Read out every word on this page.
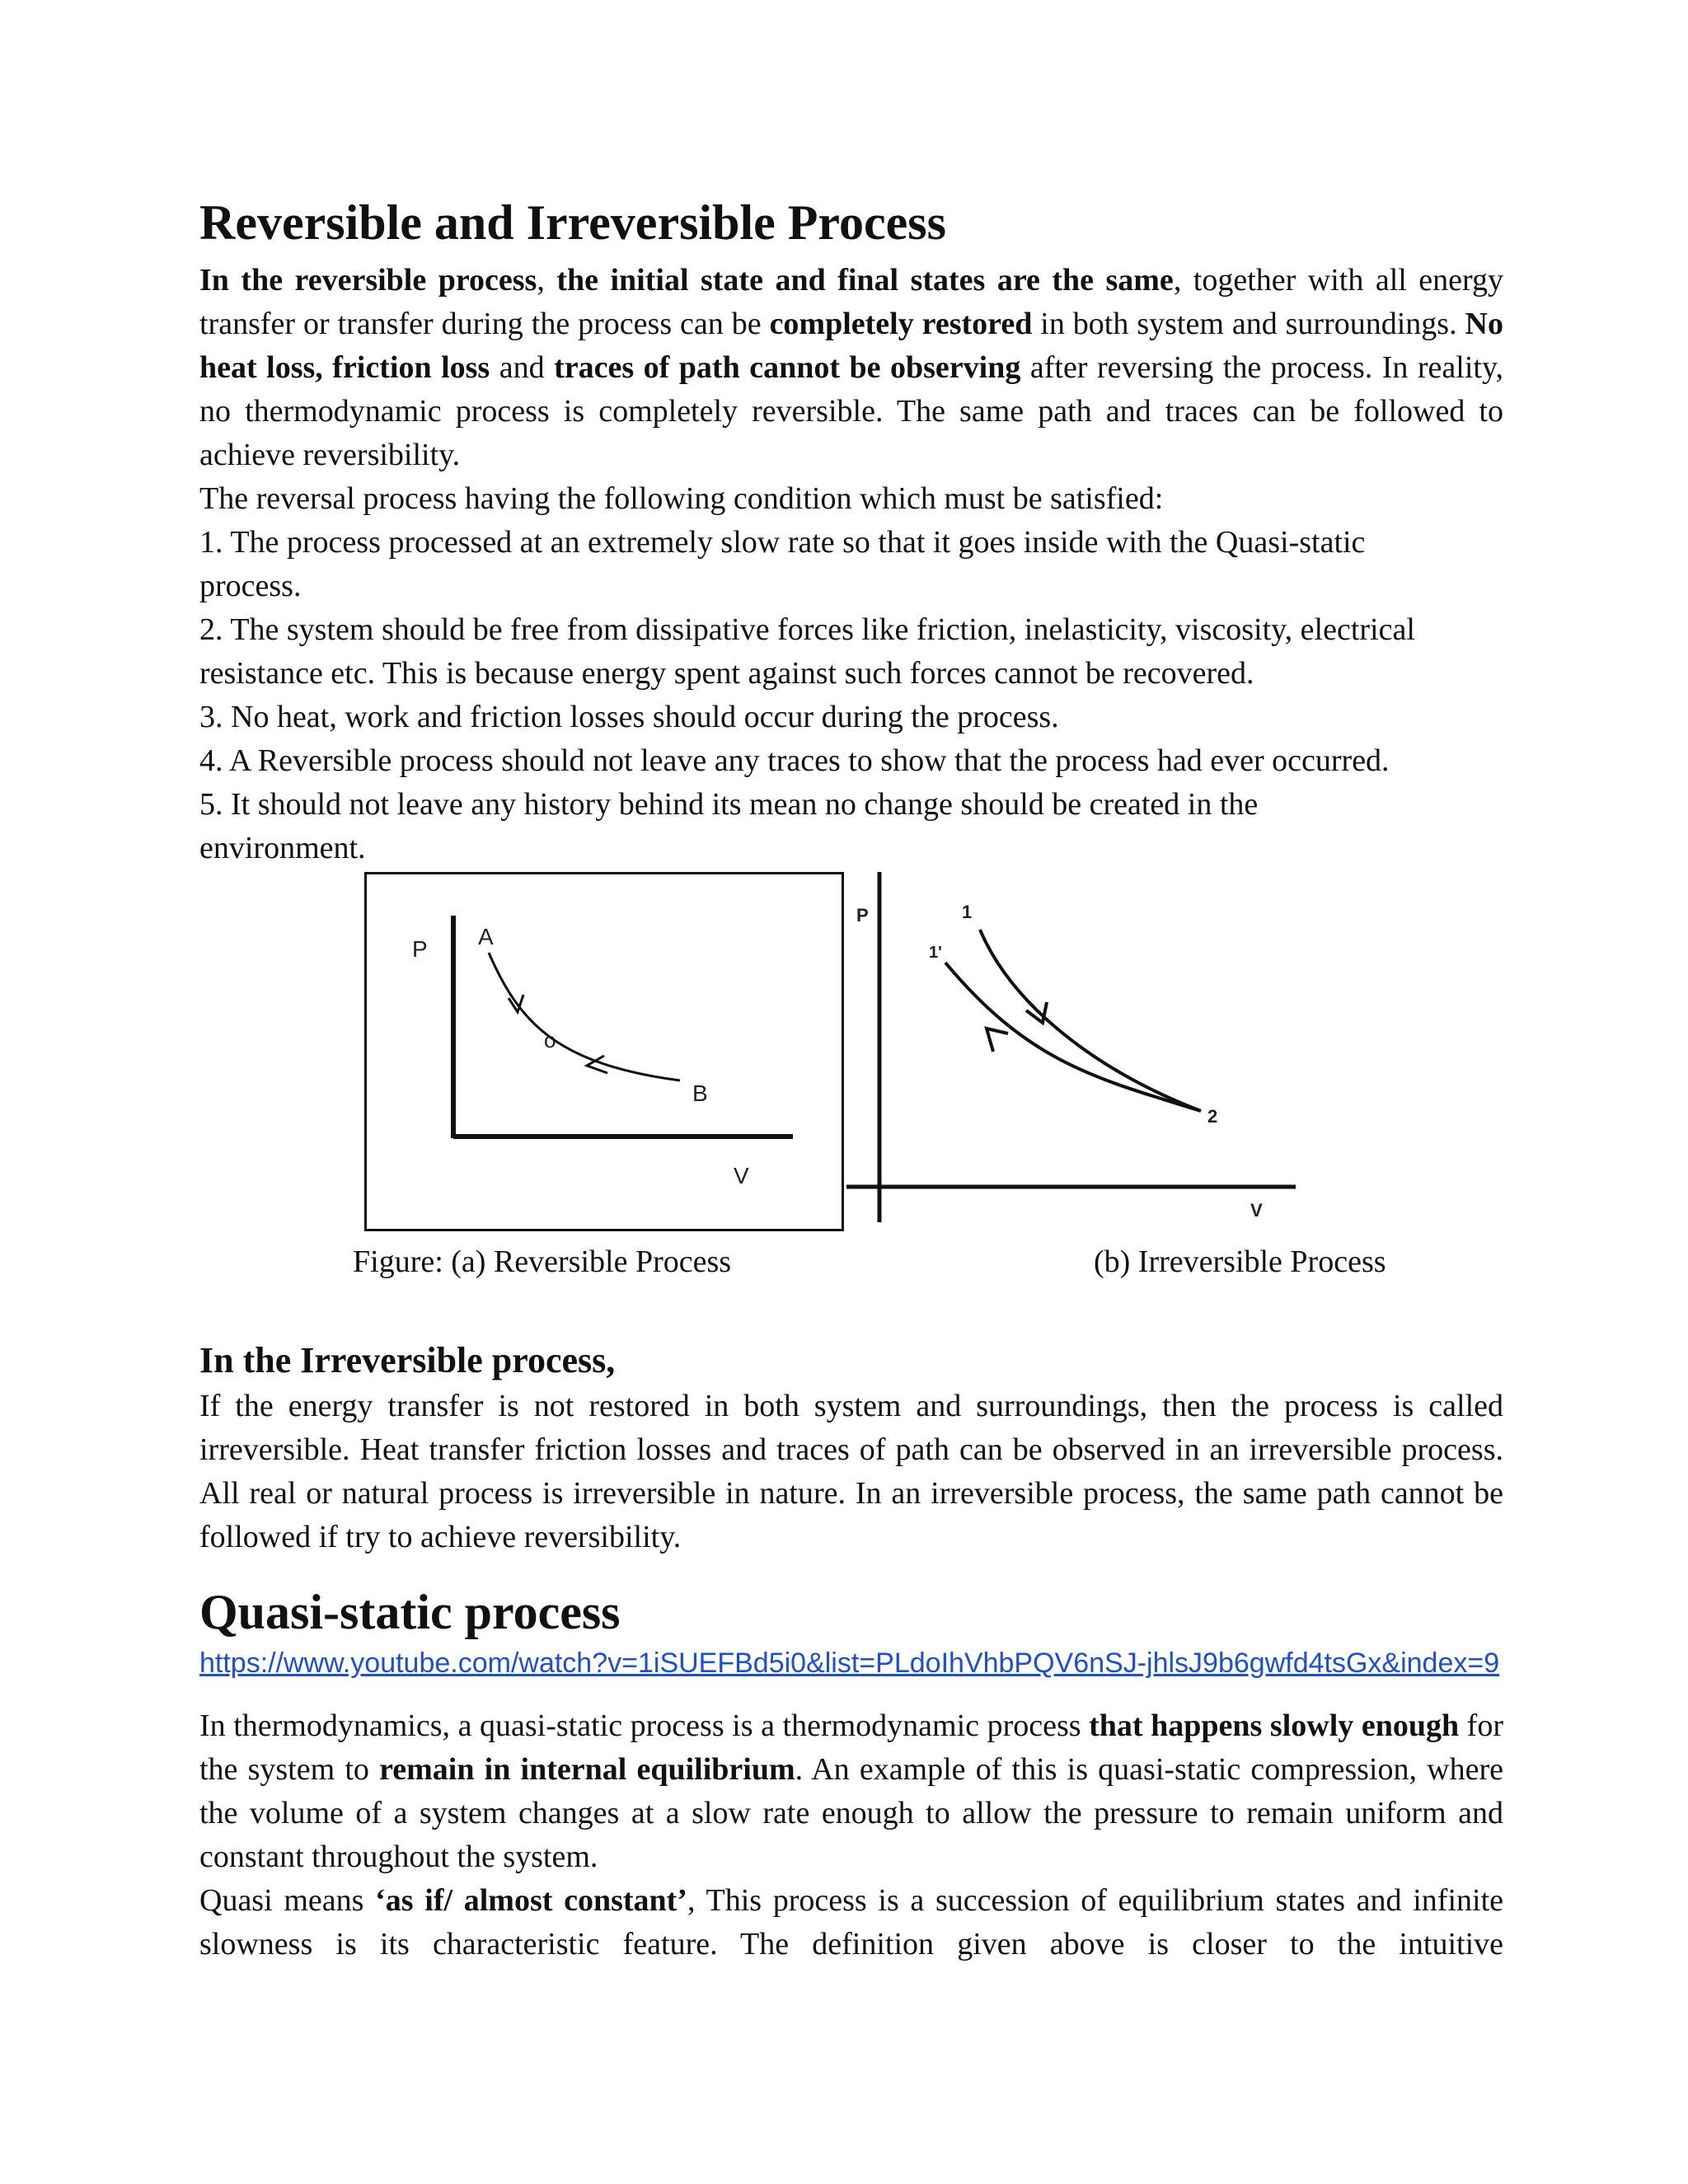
Reversible and Irreversible Process

In the reversible process, the initial state and final states are the same, together with all energy transfer or transfer during the process can be completely restored in both system and surroundings. No heat loss, friction loss and traces of path cannot be observing after reversing the process. In reality, no thermodynamic process is completely reversible. The same path and traces can be followed to achieve reversibility.

The reversal process having the following condition which must be satisfied:

1. The process processed at an extremely slow rate so that it goes inside with the Quasi-static process.

2. The system should be free from dissipative forces like friction, inelasticity, viscosity, electrical resistance etc. This is because energy spent against such forces cannot be recovered.

3. No heat, work and friction losses should occur during the process.

4. A Reversible process should not leave any traces to show that the process had ever occurred.

5. It should not leave any history behind its mean no change should be created in the environment.

P
V
A
B
o
P
V
2
1'
1
Figure: (a) Reversible Process	(b) Irreversible Process
In the Irreversible process,

If the energy transfer is not restored in both system and surroundings, then the process is called irreversible. Heat transfer friction losses and traces of path can be observed in an irreversible process. All real or natural process is irreversible in nature. In an irreversible process, the same path cannot be followed if try to achieve reversibility.

Quasi-static process
https://www.youtube.com/watch?v=1iSUEFBd5i0&list=PLdoIhVhbPQV6nSJ-jhlsJ9b6gwfd4tsGx&index=9

In thermodynamics, a quasi-static process is a thermodynamic process that happens slowly enough for the system to remain in internal equilibrium. An example of this is quasi-static compression, where the volume of a system changes at a slow rate enough to allow the pressure to remain uniform and constant throughout the system.

Quasi means ‘as if/ almost constant’, This process is a succession of equilibrium states and infinite slowness is its characteristic feature. The definition given above is closer to the intuitive
